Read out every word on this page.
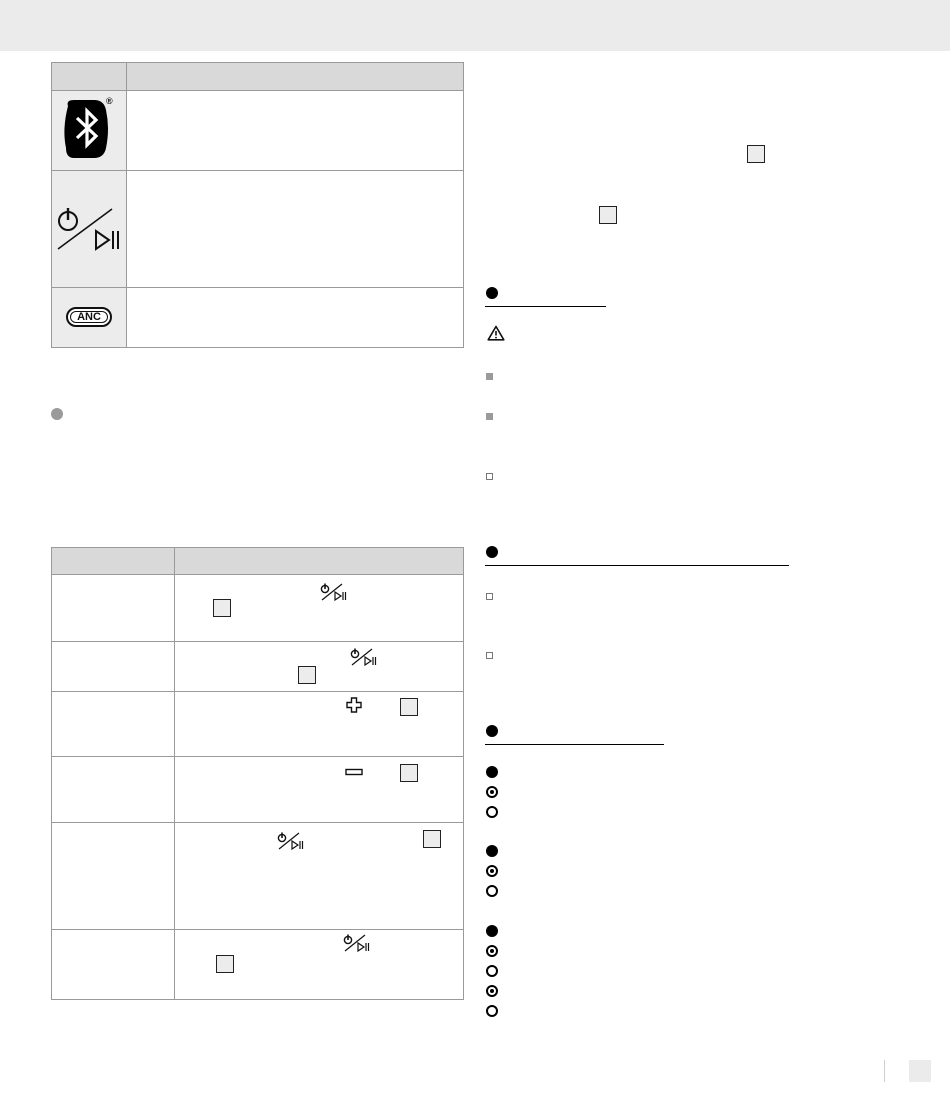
®
ANC
